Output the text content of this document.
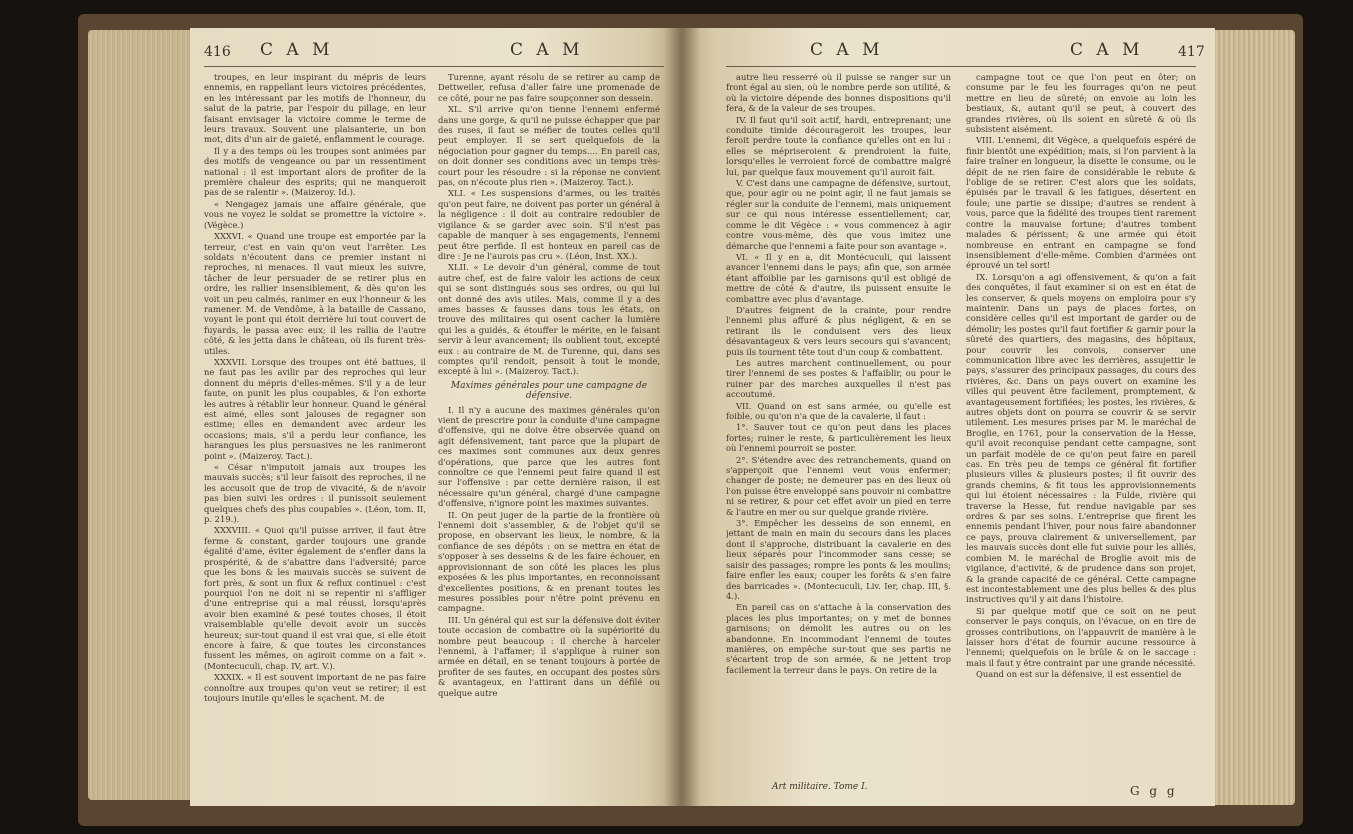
416 C A M	C A M

troupes, en leur inspirant du mépris de leurs ennemis, en rappellant leurs victoires précédentes, en les intéressant par les motifs de l'honneur, du salut de la patrie, par l'espoir du pillage, en leur faisant envisager la victoire comme le terme de leurs travaux. Souvent une plaisanterie, un bon mot, dits d'un air de gaieté, enflamment le courage.

Il y a des temps où les troupes sont animées par des motifs de vengeance ou par un ressentiment national : il est important alors de profiter de la première chaleur des esprits; qui ne manqueroit pas de se ralentir ». (Maizeroy. Id.).

« Nengagez jamais une affaire générale, que vous ne voyez le soldat se promettre la victoire ». (Végèce.)

XXXVI. « Quand une troupe est emportée par la terreur, c'est en vain qu'on veut l'arrêter. Les soldats n'écoutent dans ce premier instant ni reproches, ni menaces. Il vaut mieux les suivre, tâcher de leur persuader de se retirer plus en ordre, les rallier insensiblement, & dès qu'on les voit un peu calmés, ranimer en eux l'honneur & les ramener. M. de Vendôme, à la bataille de Cassano, voyant le pont qui étoit derrière lui tout couvert de fuyards, le passa avec eux; il les rallia de l'autre côté, & les jetta dans le château, où ils furent très-utiles.

XXXVII. Lorsque des troupes ont été battues, il ne faut pas les avilir par des reproches qui leur donnent du mépris d'elles-mêmes. S'il y a de leur faute, on punit les plus coupables, & l'on exhorte les autres à rétablir leur honneur. Quand le général est aimé, elles sont jalouses de regagner son estime; elles en demandent avec ardeur les occasions; mais, s'il a perdu leur confiance, les harangues les plus persuasives ne les ranimeront point ». (Maizeroy. Tact.).

« César n'imputoit jamais aux troupes les mauvais succès; s'il leur faisoit des reproches, il ne les accusoit que de trop de vivacité, & de n'avoir pas bien suivi les ordres : il punissoit seulement quelques chefs des plus coupables ». (Léon, tom. II, p. 219.).

XXXVIII. « Quoi qu'il puisse arriver, il faut être ferme & constant, garder toujours une grande égalité d'ame, éviter également de s'enfler dans la prospérité, & de s'abattre dans l'adversité; parce que les bons & les mauvais succès se suivent de fort près, & sont un flux & reflux continuel : c'est pourquoi l'on ne doit ni se repentir ni s'affliger d'une entreprise qui a mal réussi, lorsqu'après avoir bien examiné & pesé toutes choses, il étoit vraisemblable qu'elle devoit avoir un succès heureux; sur-tout quand il est vrai que, si elle étoit encore à faire, & que toutes les circonstances fussent les mêmes, on agiroit comme on a fait ». (Montecuculi, chap. IV, art. V.).

XXXIX. « Il est souvent important de ne pas faire connoître aux troupes qu'on veut se retirer; il est toujours inutile qu'elles le sçachent. M. de

Turenne, ayant résolu de se retirer au camp de Dettweiler, refusa d'aller faire une promenade de ce côté, pour ne pas faire soupçonner son dessein.

XL. S'il arrive qu'on tienne l'ennemi enfermé dans une gorge, & qu'il ne puisse échapper que par des ruses, il faut se méfier de toutes celles qu'il peut employer. Il se sert quelquefois de la négociation pour gagner du temps.... En pareil cas, on doit donner ses conditions avec un temps très-court pour les résoudre : si la réponse ne convient pas, on n'écoute plus rien ». (Maizeroy. Tact.).

XLI. « Les suspensions d'armes, ou les traités qu'on peut faire, ne doivent pas porter un général à la négligence : il doit au contraire redoubler de vigilance & se garder avec soin. S'il n'est pas capable de manquer à ses engagements, l'ennemi peut être perfide. Il est honteux en pareil cas de dire : Je ne l'aurois pas cru ». (Léon, Inst. XX.).

XLII. « Le devoir d'un général, comme de tout autre chef, est de faire valoir les actions de ceux qui se sont distingués sous ses ordres, ou qui lui ont donné des avis utiles. Mais, comme il y a des ames basses & fausses dans tous les états, on trouve des militaires qui osent cacher la lumière qui les a guidés, & étouffer le mérite, en le faisant servir à leur avancement; ils oublient tout, excepté eux : au contraire de M. de Turenne, qui, dans ses comptes qu'il rendoit, pensoit à tout le monde, excepté à lui ». (Maizeroy. Tact.).

Maximes générales pour une campagne de défensive.

I. Il n'y a aucune des maximes générales qu'on vient de prescrire pour la conduite d'une campagne d'offensive, qui ne doive être observée quand on agit défensivement, tant parce que la plupart de ces maximes sont communes aux deux genres d'opérations, que parce que les autres font connoître ce que l'ennemi peut faire quand il est sur l'offensive : par cette dernière raison, il est nécessaire qu'un général, chargé d'une campagne d'offensive, n'ignore point les maximes suivantes.

II. On peut juger de la partie de la frontière où l'ennemi doit s'assembler, & de l'objet qu'il se propose, en observant les lieux, le nombre, & la confiance de ses dépôts : on se mettra en état de s'opposer à ses desseins & de les faire échouer, en approvisionnant de son côté les places les plus exposées & les plus importantes, en reconnoissant d'excellentes positions, & en prenant toutes les mesures possibles pour n'être point prévenu en campagne.

III. Un général qui est sur la défensive doit éviter toute occasion de combattre où la supériorité du nombre peut beaucoup : il cherche à harceler l'ennemi, à l'affamer; il s'applique à ruiner son armée en détail, en se tenant toujours à portée de profiter de ses fautes, en occupant des postes sûrs & avantageux, en l'attirant dans un défilé ou quelque autre

C A M	C A M 417

autre lieu resserré où il puisse se ranger sur un front égal au sien, où le nombre perde son utilité, & où la victoire dépende des bonnes dispositions qu'il fera, & de la valeur de ses troupes.

IV. Il faut qu'il soit actif, hardi, entreprenant; une conduite timide décourageroit les troupes, leur feroit perdre toute la confiance qu'elles ont en lui : elles se mépriseroient & prendroient la fuite, lorsqu'elles le verroient forcé de combattre malgré lui, par quelque faux mouvement qu'il auroit fait.

V. C'est dans une campagne de défensive, surtout, que, pour agir ou ne point agir, il ne faut jamais se régler sur la conduite de l'ennemi, mais uniquement sur ce qui nous intéresse essentiellement; car, comme le dit Végèce : « vous commencez à agir contre vous-même, dès que vous imitez une démarche que l'ennemi a faite pour son avantage ».

VI. « Il y en a, dit Montécuculi, qui laissent avancer l'ennemi dans le pays; afin que, son armée étant affoiblie par les garnisons qu'il est obligé de mettre de côté & d'autre, ils puissent ensuite le combattre avec plus d'avantage.

D'autres feignent de la crainte, pour rendre l'ennemi plus affuré & plus négligent, & en se retirant ils le conduisent vers des lieux désavantageux & vers leurs secours qui s'avancent; puis ils tournent tête tout d'un coup & combattent.

Les autres marchent continuellement, ou pour tirer l'ennemi de ses postes & l'affaiblir, ou pour le ruiner par des marches auxquelles il n'est pas accoutumé.

VII. Quand on est sans armée, ou qu'elle est foible, ou qu'on n'a que de la cavalerie, il faut :

1°. Sauver tout ce qu'on peut dans les places fortes; ruiner le reste, & particulièrement les lieux où l'ennemi pourroit se poster.

2°. S'étendre avec des retranchements, quand on s'apperçoit que l'ennemi veut vous enfermer; changer de poste; ne demeurer pas en des lieux où l'on puisse être enveloppé sans pouvoir ni combattre ni se retirer, & pour cet effet avoir un pied en terre & l'autre en mer ou sur quelque grande rivière.

3°. Empêcher les desseins de son ennemi, en jettant de main en main du secours dans les places dont il s'approche, distribuant la cavalerie en des lieux séparés pour l'incommoder sans cesse; se saisir des passages; rompre les ponts & les moulins; faire enfler les eaux; couper les forêts & s'en faire des barricades ». (Montecuculi, Liv. Ier, chap. III, §. 4.).

En pareil cas on s'attache à la conservation des places les plus importantes; on y met de bonnes garnisons; on démolit les autres ou on les abandonne. En incommodant l'ennemi de toutes manières, on empêche sur-tout que ses partis ne s'écartent trop de son armée, & ne jettent trop facilement la terreur dans le pays. On retire de la

campagne tout ce que l'on peut en ôter; on consume par le feu les fourrages qu'on ne peut mettre en lieu de sûreté; on envoie au loin les bestiaux, &, autant qu'il se peut, à couvert des grandes rivières, où ils soient en sûreté & où ils subsistent aisément.

VIII. L'ennemi, dit Végèce, a quelquefois espéré de finir bientôt une expédition; mais, si l'on parvient à la faire traîner en longueur, la disette le consume, ou le dépit de ne rien faire de considérable le rebute & l'oblige de se retirer. C'est alors que les soldats, épuisés par le travail & les fatigues, désertent en foule; une partie se dissipe; d'autres se rendent à vous, parce que la fidélité des troupes tient rarement contre la mauvaise fortune; d'autres tombent malades & périssent; & une armée qui étoit nombreuse en entrant en campagne se fond insensiblement d'elle-même. Combien d'armées ont éprouvé un tel sort!

IX. Lorsqu'on a agi offensivement, & qu'on a fait des conquêtes, il faut examiner si on est en état de les conserver, & quels moyens on emploira pour s'y maintenir. Dans un pays de places fortes, on considère celles qu'il est important de garder ou de démolir; les postes qu'il faut fortifier & garnir pour la sûreté des quartiers, des magasins, des hôpitaux, pour couvrir les convois, conserver une communication libre avec les derrières, assujettir le pays, s'assurer des principaux passages, du cours des rivières, &c. Dans un pays ouvert on examine les villes qui peuvent être facilement, promptement, & avantageusement fortifiées; les postes, les rivières, & autres objets dont on pourra se couvrir & se servir utilement. Les mesures prises par M. le maréchal de Broglie, en 1761, pour la conservation de la Hesse, qu'il avoit reconquise pendant cette campagne, sont un parfait modèle de ce qu'on peut faire en pareil cas. En très peu de temps ce général fit fortifier plusieurs villes & plusieurs postes; il fit ouvrir des grands chemins, & fit tous les approvisionnements qui lui étoient nécessaires : la Fulde, rivière qui traverse la Hesse, fut rendue navigable par ses ordres & par ses soins. L'entreprise que firent les ennemis pendant l'hiver, pour nous faire abandonner ce pays, prouva clairement & universellement, par les mauvais succès dont elle fut suivie pour les alliés, combien M. le maréchal de Broglie avoit mis de vigilance, d'activité, & de prudence dans son projet, & la grande capacité de ce général. Cette campagne est incontestablement une des plus belles & des plus instructives qu'il y ait dans l'histoire.

Si par quelque motif que ce soit on ne peut conserver le pays conquis, on l'évacue, on en tire de grosses contributions, on l'appauvrit de manière à le laisser hors d'état de fournir aucune ressource à l'ennemi; quelquefois on le brûle & on le saccage : mais il faut y être contraint par une grande nécessité.

Quand on est sur la défensive, il est essentiel de

Art militaire. Tome I.	G g g
